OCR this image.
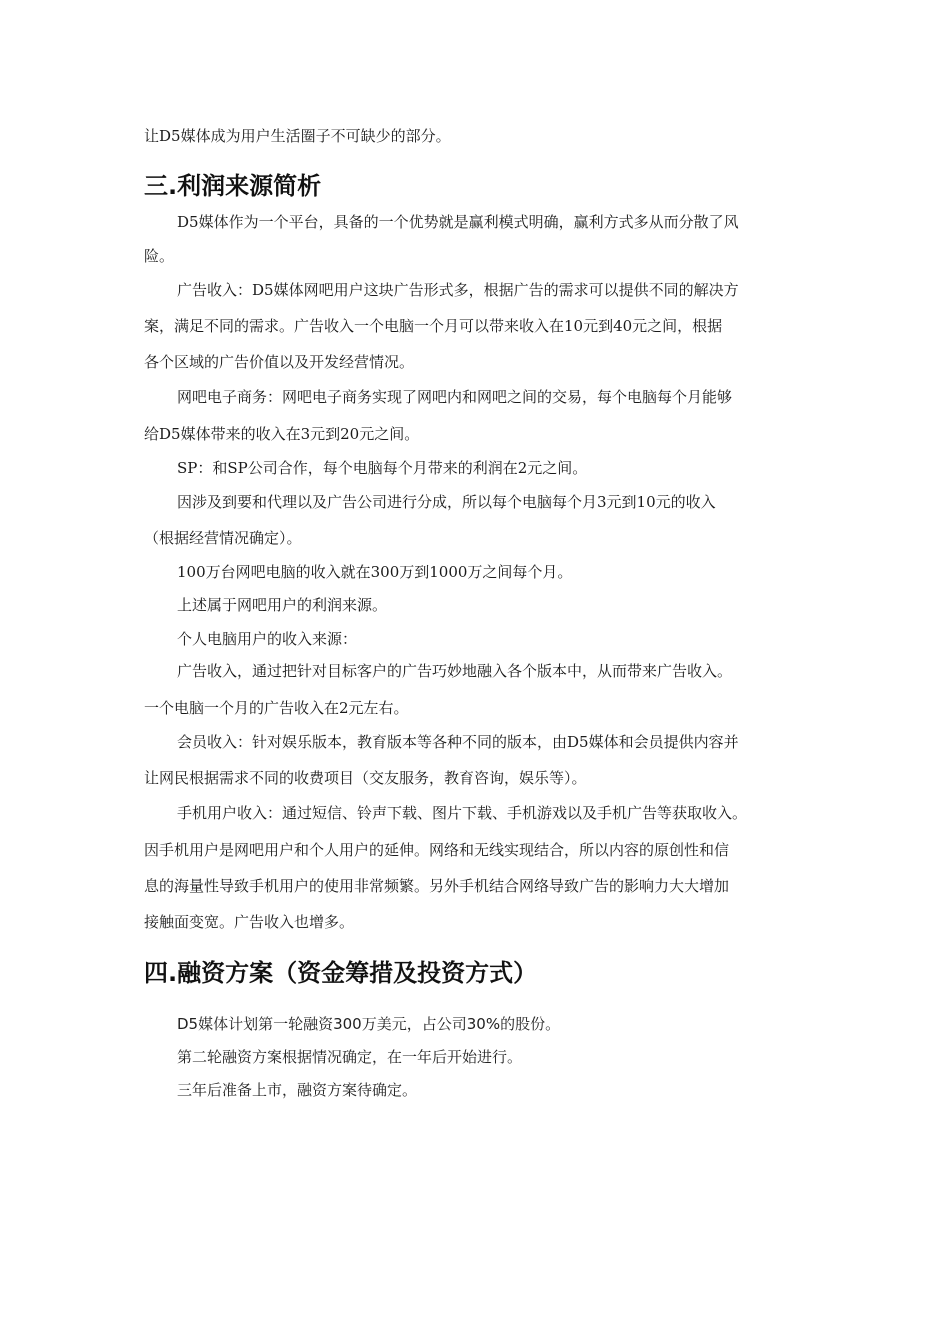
让D5媒体成为用户生活圈子不可缺少的部分。

三.利润来源简析

D5媒体作为一个平台，具备的一个优势就是赢利模式明确，赢利方式多从而分散了风

险。

广告收入：D5媒体网吧用户这块广告形式多，根据广告的需求可以提供不同的解决方

案，满足不同的需求。广告收入一个电脑一个月可以带来收入在10元到40元之间，根据

各个区域的广告价值以及开发经营情况。

网吧电子商务：网吧电子商务实现了网吧内和网吧之间的交易，每个电脑每个月能够

给D5媒体带来的收入在3元到20元之间。

SP：和SP公司合作，每个电脑每个月带来的利润在2元之间。

因涉及到要和代理以及广告公司进行分成，所以每个电脑每个月3元到10元的收入

（根据经营情况确定）。

100万台网吧电脑的收入就在300万到1000万之间每个月。

上述属于网吧用户的利润来源。

个人电脑用户的收入来源：

广告收入，通过把针对目标客户的广告巧妙地融入各个版本中，从而带来广告收入。

一个电脑一个月的广告收入在2元左右。

会员收入：针对娱乐版本，教育版本等各种不同的版本，由D5媒体和会员提供内容并

让网民根据需求不同的收费项目（交友服务，教育咨询，娱乐等）。

手机用户收入：通过短信、铃声下载、图片下载、手机游戏以及手机广告等获取收入。

因手机用户是网吧用户和个人用户的延伸。网络和无线实现结合，所以内容的原创性和信

息的海量性导致手机用户的使用非常频繁。另外手机结合网络导致广告的影响力大大增加

接触面变宽。广告收入也增多。

四.融资方案（资金筹措及投资方式）

D5媒体计划第一轮融资300万美元，占公司30%的股份。

第二轮融资方案根据情况确定，在一年后开始进行。

三年后准备上市，融资方案待确定。
